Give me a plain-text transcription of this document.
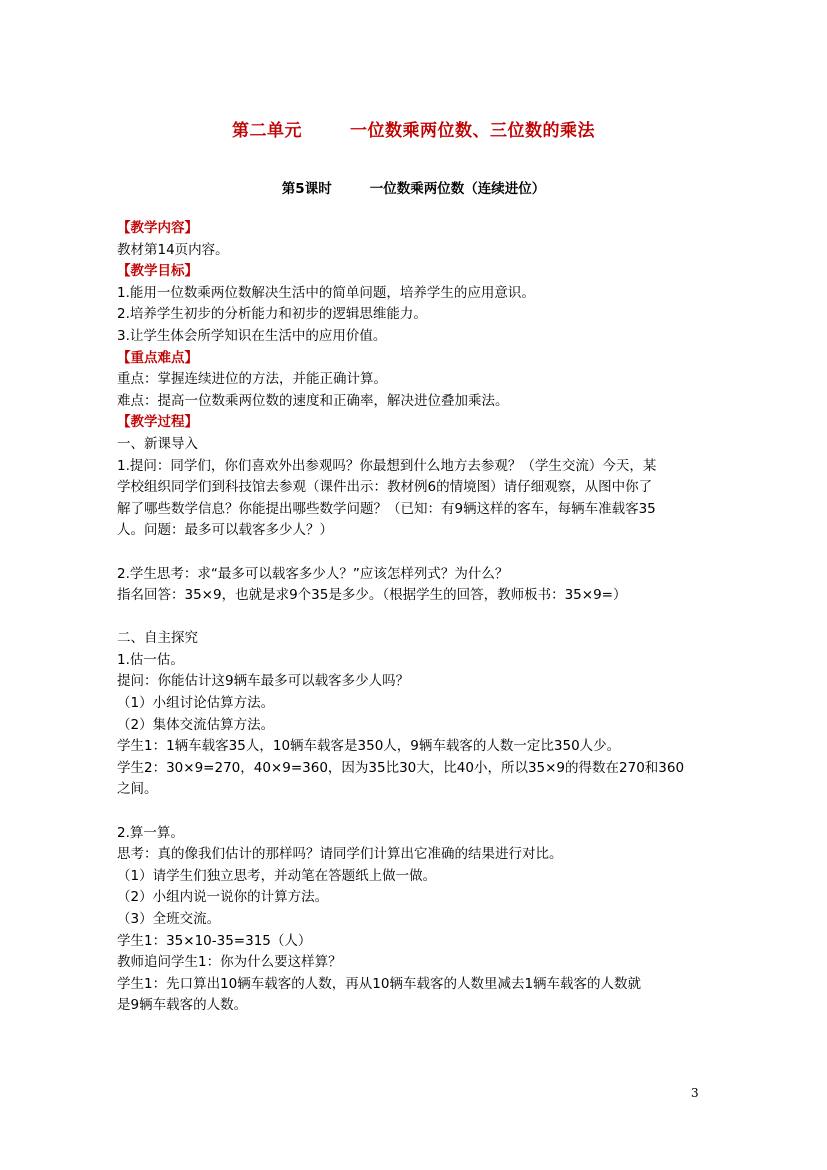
第二单元	一位数乘两位数、三位数的乘法
第5课时	一位数乘两位数（连续进位）

【教学内容】

教材第14页内容。

【教学目标】

1.能用一位数乘两位数解决生活中的简单问题，培养学生的应用意识。

2.培养学生初步的分析能力和初步的逻辑思维能力。

3.让学生体会所学知识在生活中的应用价值。

【重点难点】

重点：掌握连续进位的方法，并能正确计算。

难点：提高一位数乘两位数的速度和正确率，解决进位叠加乘法。

【教学过程】

一、新课导入

1.提问：同学们，你们喜欢外出参观吗？你最想到什么地方去参观？（学生交流）今天，某

学校组织同学们到科技馆去参观（课件出示：教材例6的情境图）请仔细观察，从图中你了

解了哪些数学信息？你能提出哪些数学问题？（已知：有9辆这样的客车，每辆车准载客35

人。问题：最多可以载客多少人？）

2.学生思考：求“最多可以载客多少人？”应该怎样列式？为什么？

指名回答：35×9，也就是求9个35是多少。（根据学生的回答，教师板书：35×9=）

二、自主探究

1.估一估。

提问：你能估计这9辆车最多可以载客多少人吗？

（1）小组讨论估算方法。

（2）集体交流估算方法。

学生1：1辆车载客35人，10辆车载客是350人，9辆车载客的人数一定比350人少。

学生2：30×9=270，40×9=360，因为35比30大，比40小，所以35×9的得数在270和360

之间。

2.算一算。

思考：真的像我们估计的那样吗？请同学们计算出它准确的结果进行对比。

（1）请学生们独立思考，并动笔在答题纸上做一做。

（2）小组内说一说你的计算方法。

（3）全班交流。

学生1：35×10-35=315（人）

教师追问学生1：你为什么要这样算？

学生1：先口算出10辆车载客的人数，再从10辆车载客的人数里减去1辆车载客的人数就

是9辆车载客的人数。

3
